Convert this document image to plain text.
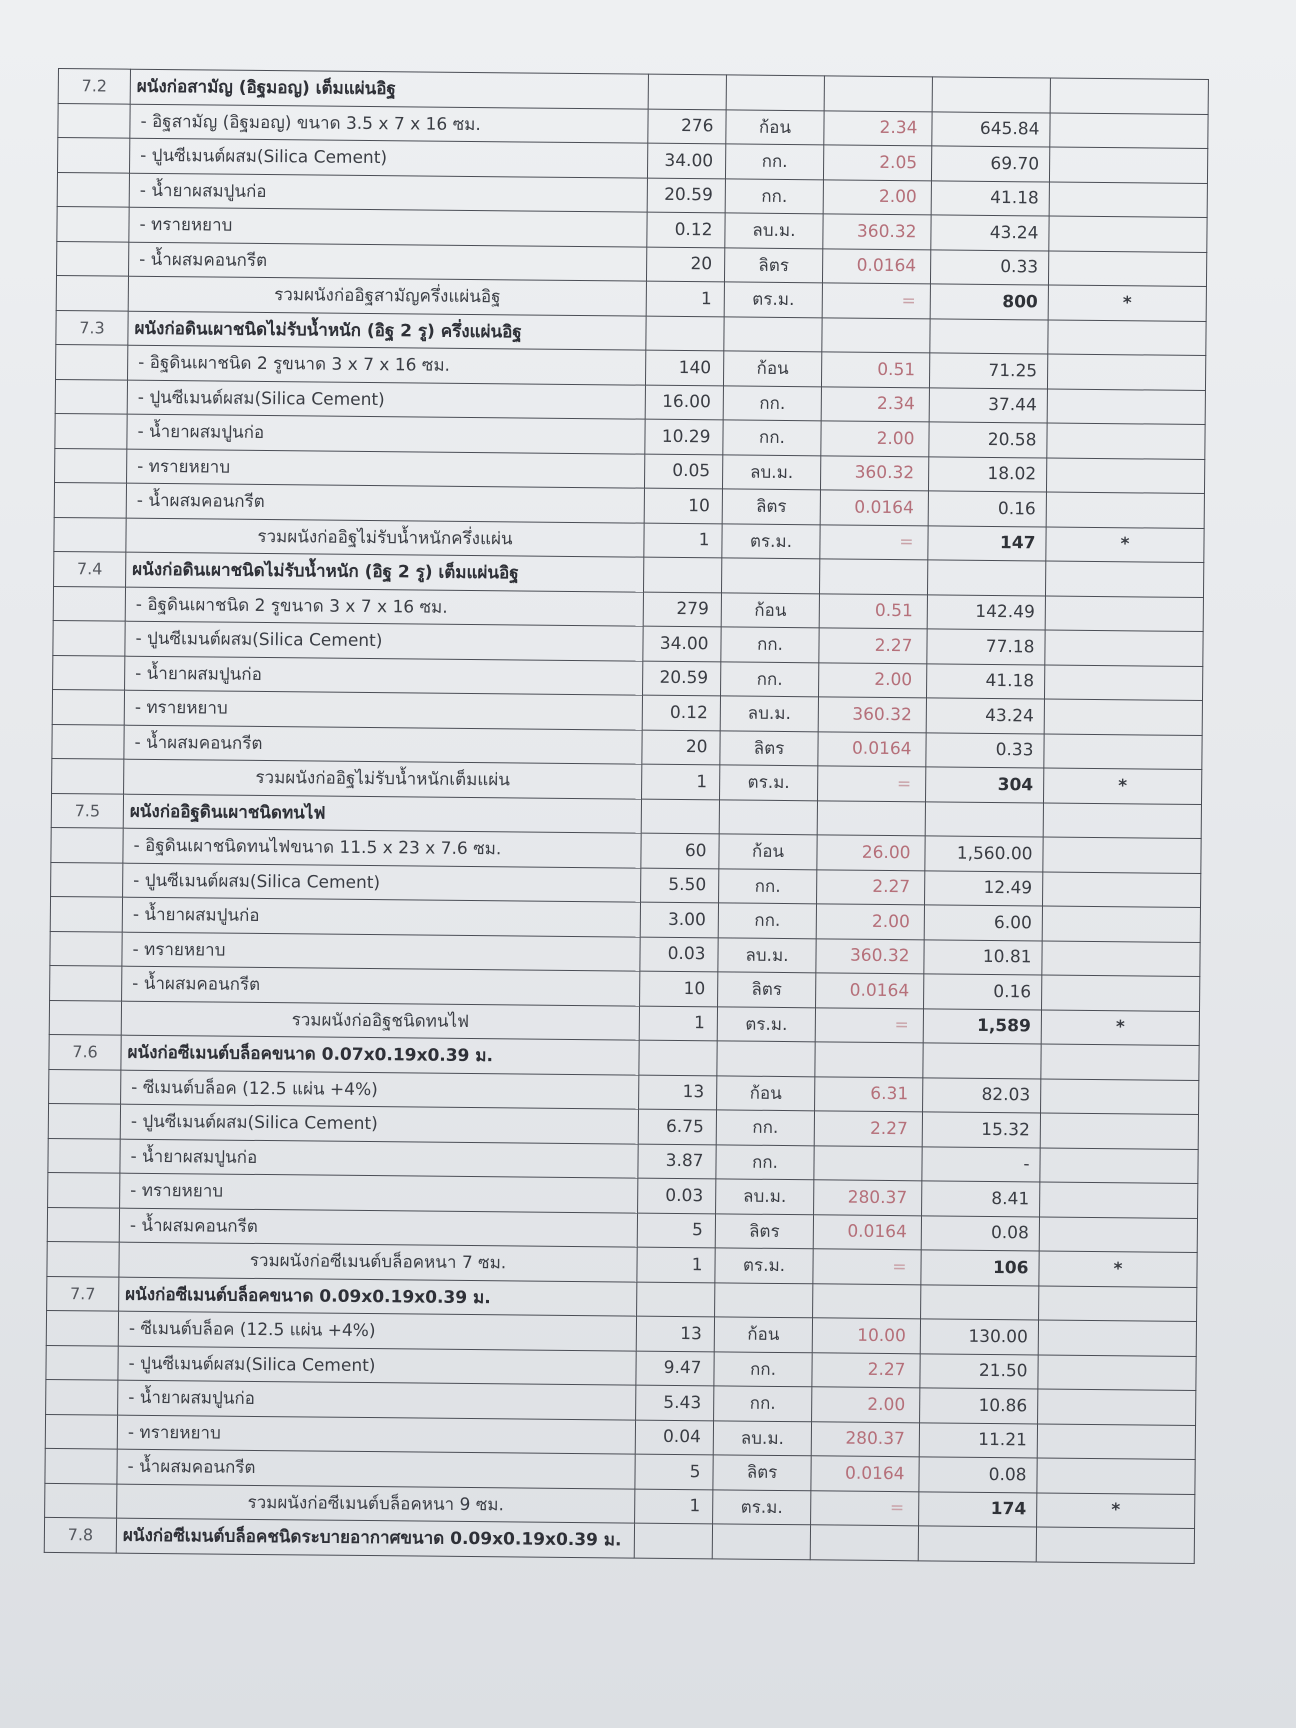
7.2	ผนังก่อสามัญ (อิฐมอญ) เต็มแผ่นอิฐ					
	- อิฐสามัญ (อิฐมอญ) ขนาด 3.5 x 7 x 16 ซม.	276	ก้อน	2.34	645.84	
	- ปูนซีเมนต์ผสม(Silica Cement)	34.00	กก.	2.05	69.70	
	- น้ำยาผสมปูนก่อ	20.59	กก.	2.00	41.18	
	- ทรายหยาบ	0.12	ลบ.ม.	360.32	43.24	
	- น้ำผสมคอนกรีต	20	ลิตร	0.0164	0.33	
	รวมผนังก่ออิฐสามัญครึ่งแผ่นอิฐ	1	ตร.ม.	=	800	*
7.3	ผนังก่อดินเผาชนิดไม่รับน้ำหนัก (อิฐ 2 รู) ครึ่งแผ่นอิฐ					
	- อิฐดินเผาชนิด 2 รูขนาด 3 x 7 x 16 ซม.	140	ก้อน	0.51	71.25	
	- ปูนซีเมนต์ผสม(Silica Cement)	16.00	กก.	2.34	37.44	
	- น้ำยาผสมปูนก่อ	10.29	กก.	2.00	20.58	
	- ทรายหยาบ	0.05	ลบ.ม.	360.32	18.02	
	- น้ำผสมคอนกรีต	10	ลิตร	0.0164	0.16	
	รวมผนังก่ออิฐไม่รับน้ำหนักครึ่งแผ่น	1	ตร.ม.	=	147	*
7.4	ผนังก่อดินเผาชนิดไม่รับน้ำหนัก (อิฐ 2 รู) เต็มแผ่นอิฐ					
	- อิฐดินเผาชนิด 2 รูขนาด 3 x 7 x 16 ซม.	279	ก้อน	0.51	142.49	
	- ปูนซีเมนต์ผสม(Silica Cement)	34.00	กก.	2.27	77.18	
	- น้ำยาผสมปูนก่อ	20.59	กก.	2.00	41.18	
	- ทรายหยาบ	0.12	ลบ.ม.	360.32	43.24	
	- น้ำผสมคอนกรีต	20	ลิตร	0.0164	0.33	
	รวมผนังก่ออิฐไม่รับน้ำหนักเต็มแผ่น	1	ตร.ม.	=	304	*
7.5	ผนังก่ออิฐดินเผาชนิดทนไฟ					
	- อิฐดินเผาชนิดทนไฟขนาด 11.5 x 23 x 7.6 ซม.	60	ก้อน	26.00	1,560.00	
	- ปูนซีเมนต์ผสม(Silica Cement)	5.50	กก.	2.27	12.49	
	- น้ำยาผสมปูนก่อ	3.00	กก.	2.00	6.00	
	- ทรายหยาบ	0.03	ลบ.ม.	360.32	10.81	
	- น้ำผสมคอนกรีต	10	ลิตร	0.0164	0.16	
	รวมผนังก่ออิฐชนิดทนไฟ	1	ตร.ม.	=	1,589	*
7.6	ผนังก่อซีเมนต์บล็อคขนาด 0.07x0.19x0.39 ม.					
	- ซีเมนต์บล็อค (12.5 แผ่น +4%)	13	ก้อน	6.31	82.03	
	- ปูนซีเมนต์ผสม(Silica Cement)	6.75	กก.	2.27	15.32	
	- น้ำยาผสมปูนก่อ	3.87	กก.		-	
	- ทรายหยาบ	0.03	ลบ.ม.	280.37	8.41	
	- น้ำผสมคอนกรีต	5	ลิตร	0.0164	0.08	
	รวมผนังก่อซีเมนต์บล็อคหนา 7 ซม.	1	ตร.ม.	=	106	*
7.7	ผนังก่อซีเมนต์บล็อคขนาด 0.09x0.19x0.39 ม.					
	- ซีเมนต์บล็อค (12.5 แผ่น +4%)	13	ก้อน	10.00	130.00	
	- ปูนซีเมนต์ผสม(Silica Cement)	9.47	กก.	2.27	21.50	
	- น้ำยาผสมปูนก่อ	5.43	กก.	2.00	10.86	
	- ทรายหยาบ	0.04	ลบ.ม.	280.37	11.21	
	- น้ำผสมคอนกรีต	5	ลิตร	0.0164	0.08	
	รวมผนังก่อซีเมนต์บล็อคหนา 9 ซม.	1	ตร.ม.	=	174	*
7.8	ผนังก่อซีเมนต์บล็อคชนิดระบายอากาศขนาด 0.09x0.19x0.39 ม.					
